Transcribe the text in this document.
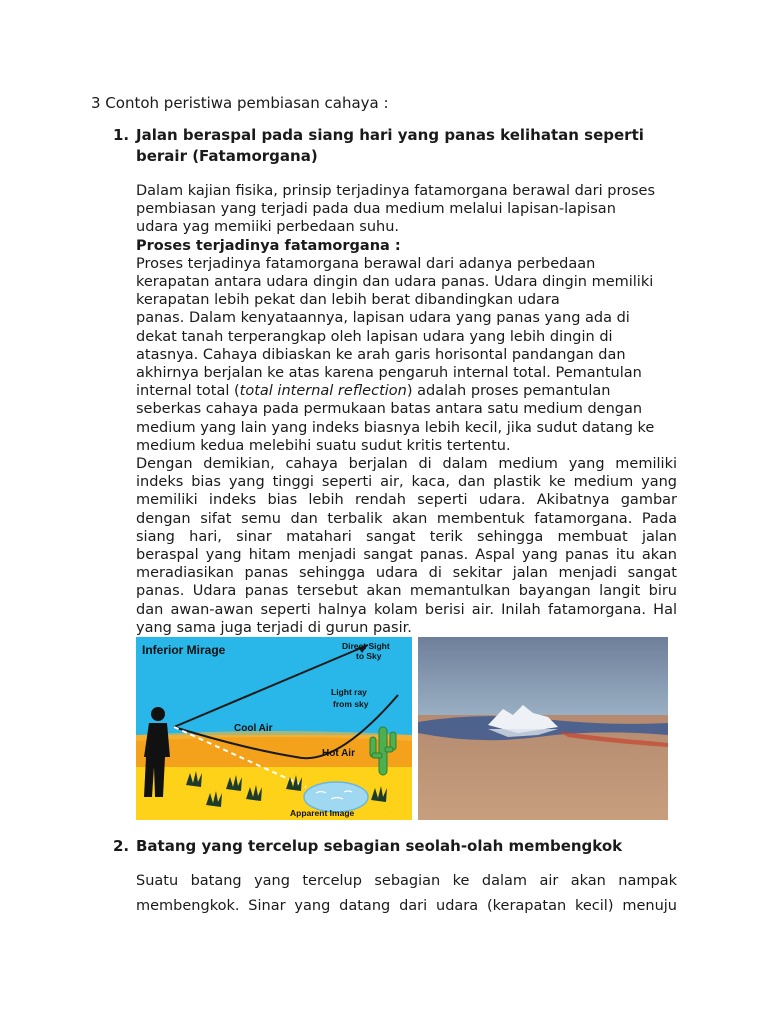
3 Contoh peristiwa pembiasan cahaya :
1. Jalan beraspal pada siang hari yang panas kelihatan seperti
berair (Fatamorgana)
Dalam kajian fisika, prinsip terjadinya fatamorgana berawal dari proses
pembiasan yang terjadi pada dua medium melalui lapisan-lapisan
udara yag memiiki perbedaan suhu.
Proses terjadinya fatamorgana :
Proses terjadinya fatamorgana berawal dari adanya perbedaan
kerapatan antara udara dingin dan udara panas. Udara dingin memiliki
kerapatan lebih pekat dan lebih berat dibandingkan udara
panas. Dalam kenyataannya, lapisan udara yang panas yang ada di
dekat tanah terperangkap oleh lapisan udara yang lebih dingin di
atasnya. Cahaya dibiaskan ke arah garis horisontal pandangan dan
akhirnya berjalan ke atas karena pengaruh internal total. Pemantulan
internal total (total internal reflection) adalah proses pemantulan
seberkas cahaya pada permukaan batas antara satu medium dengan
medium yang lain yang indeks biasnya lebih kecil, jika sudut datang ke
medium kedua melebihi suatu sudut kritis tertentu.
Dengan demikian, cahaya berjalan di dalam medium yang memiliki
indeks bias yang tinggi seperti air, kaca, dan plastik ke medium yang
memiliki indeks bias lebih rendah seperti udara. Akibatnya gambar
dengan sifat semu dan terbalik akan membentuk fatamorgana. Pada
siang hari, sinar matahari sangat terik sehingga membuat jalan
beraspal yang hitam menjadi sangat panas. Aspal yang panas itu akan
meradiasikan panas sehingga udara di sekitar jalan menjadi sangat
panas. Udara panas tersebut akan memantulkan bayangan langit biru
dan awan-awan seperti halnya kolam berisi air. Inilah fatamorgana. Hal
yang sama juga terjadi di gurun pasir.
Inferior Mirage	Direct Sight
to Sky
Light ray
from sky
Cool Air
Hot Air
Apparent Image
2. Batang yang tercelup sebagian seolah-olah membengkok
Suatu batang yang tercelup sebagian ke dalam air akan nampak
membengkok. Sinar yang datang dari udara (kerapatan kecil) menuju
